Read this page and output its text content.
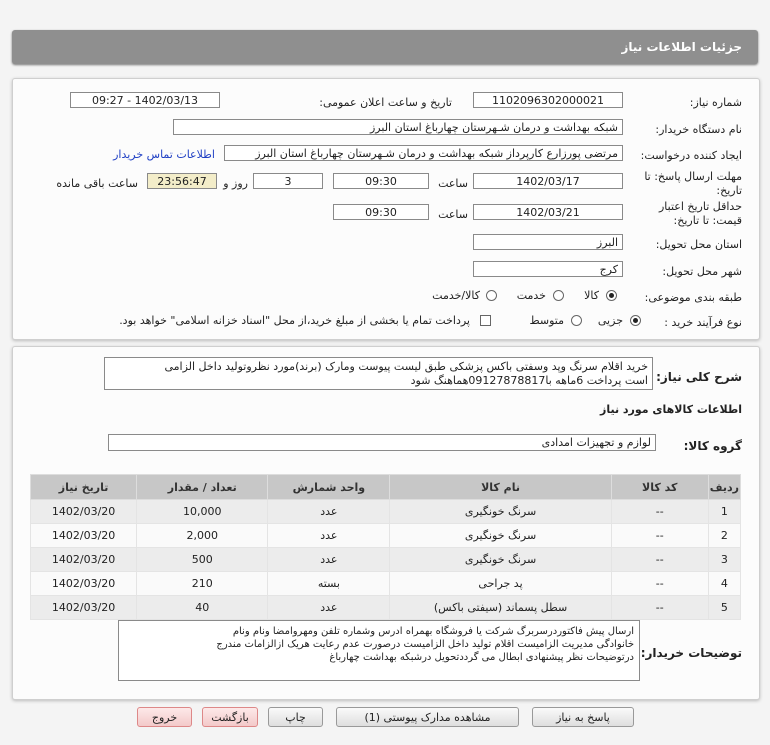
جزئیات اطلاعات نیاز
شماره نیاز:
1102096302000021
تاریخ و ساعت اعلان عمومی:
1402/03/13 - 09:27
نام دستگاه خریدار:
شبکه بهداشت و درمان شـهرستان چهارباغ استان البرز
ایجاد کننده درخواست:
مرتضی پورزارع کارپرداز شبکه بهداشت و درمان شـهرستان چهارباغ استان البرز
اطلاعات تماس خریدار
مهلت ارسال پاسخ: تا
تاریخ:
1402/03/17
ساعت
09:30
3
روز و
23:56:47
ساعت باقی مانده
حداقل تاریخ اعتبار
قیمت: تا تاریخ:
1402/03/21
ساعت
09:30
استان محل تحویل:
البرز
شهر محل تحویل:
کرج
طبقه بندی موضوعی:
کالا
خدمت
کالا/خدمت
نوع فرآیند خرید :
جزیی
متوسط
پرداخت تمام یا بخشی از مبلغ خرید،از محل "اسناد خزانه اسلامی" خواهد بود.
شرح کلی نیاز:
خرید اقلام سرنگ وپد وسفتی باکس پزشکی طبق لیست پیوست ومارک (برند)مورد نظروتولید داخل الزامی
است پرداخت 6ماهه با09127878817هماهنگ شود
اطلاعات کالاهای مورد نیاز
گروه کالا:
لوازم و تجهیزات امدادی
ردیف	کد کالا	نام کالا	واحد شمارش	تعداد / مقدار	تاریخ نیاز
1	--	سرنگ خونگیری	عدد	10,000	1402/03/20
2	--	سرنگ خونگیری	عدد	2,000	1402/03/20
3	--	سرنگ خونگیری	عدد	500	1402/03/20
4	--	پد جراحی	بسته	210	1402/03/20
5	--	سطل پسماند (سیفتی باکس)	عدد	40	1402/03/20
توضیحات خریدار:
ارسال پیش فاکتوردرسربرگ شرکت یا فروشگاه بهمراه ادرس وشماره تلفن ومهروامضا ونام ونام
خانوادگی مدیریت الزامیست اقلام تولید داخل الزامیست درصورت عدم رعایت هریک ازالزامات مندرج
درتوضیحات نظر پیشنهادی ابطال می گرددتحویل درشبکه بهداشت چهارباغ
پاسخ به نیاز
مشاهده مدارک پیوستی (1)
چاپ
بازگشت
خروج
